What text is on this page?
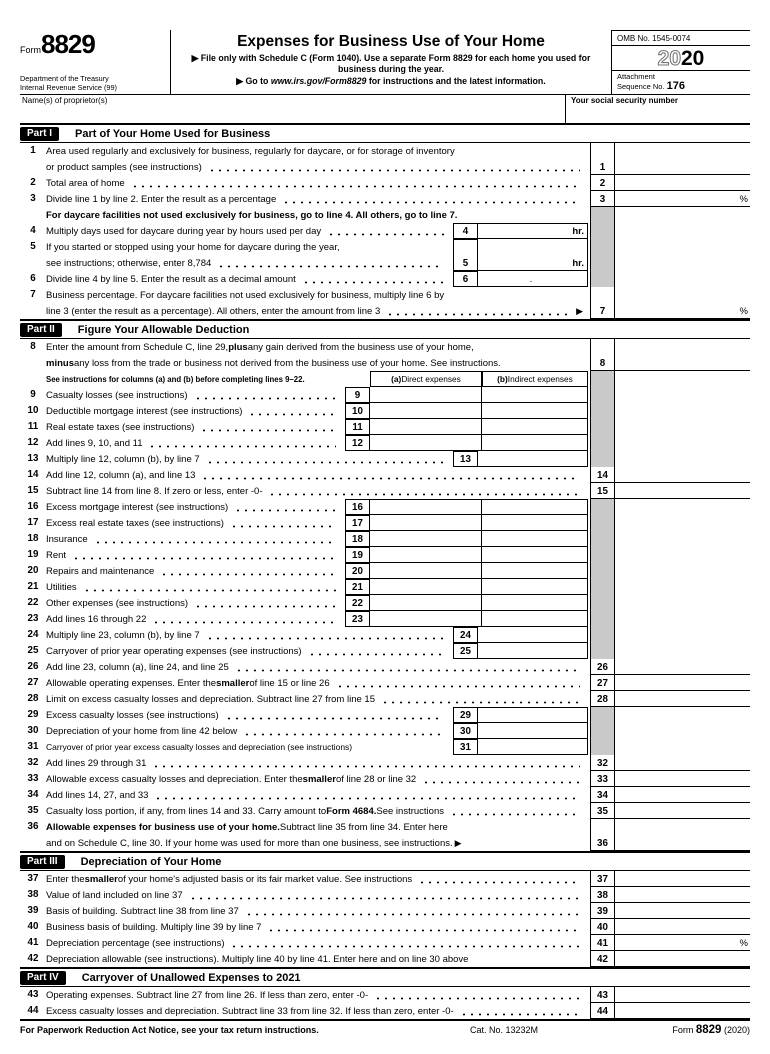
Form8829
Department of the Treasury
Internal Revenue Service (99)
Expenses for Business Use of Your Home
▶ File only with Schedule C (Form 1040). Use a separate Form 8829 for each home you used for business during the year.
▶ Go to www.irs.gov/Form8829 for instructions and the latest information.
OMB No. 1545-0074
2020
Attachment
Sequence No. 176
Name(s) of proprietor(s)	Your social security number
Part I	Part of Your Home Used for Business
1	Area used regularly and exclusively for business, regularly for daycare, or for storage of inventory
or product samples (see instructions)	1
2	Total area of home	2
3	Divide line 1 by line 2. Enter the result as a percentage	3	%
For daycare facilities not used exclusively for business, go to line 4. All others, go to line 7.
4	Multiply days used for daycare during year by hours used per day	4	hr.
5	If you started or stopped using your home for daycare during the year,
see instructions; otherwise, enter 8,784	5	hr.
6	Divide line 4 by line 5. Enter the result as a decimal amount	6	.
7	Business percentage. For daycare facilities not used exclusively for business, multiply line 6 by
line 3 (enter the result as a percentage). All others, enter the amount from line 3	▶	7	%
Part II	Figure Your Allowable Deduction
8	Enter the amount from Schedule C, line 29, plus any gain derived from the business use of your home,
minus any loss from the trade or business not derived from the business use of your home. See instructions.	8
See instructions for columns (a) and (b) before completing lines 9–22.	(a) Direct expenses	(b) Indirect expenses
9	Casualty losses (see instructions)	9
10 Deductible mortgage interest (see instructions)	10
11 Real estate taxes (see instructions)	11
12 Add lines 9, 10, and 11	12
13 Multiply line 12, column (b), by line 7	13
14 Add line 12, column (a), and line 13	14
15 Subtract line 14 from line 8. If zero or less, enter -0-	15
16 Excess mortgage interest (see instructions)	16
17 Excess real estate taxes (see instructions)	17
18 Insurance	18
19 Rent	19
20 Repairs and maintenance	20
21 Utilities	21
22 Other expenses (see instructions)	22
23 Add lines 16 through 22	23
24 Multiply line 23, column (b), by line 7	24
25 Carryover of prior year operating expenses (see instructions)	25
26 Add line 23, column (a), line 24, and line 25	26
27 Allowable operating expenses. Enter the smaller of line 15 or line 26	27
28 Limit on excess casualty losses and depreciation. Subtract line 27 from line 15	28
29 Excess casualty losses (see instructions)	29
30 Depreciation of your home from line 42 below	30
31 Carryover of prior year excess casualty losses and depreciation (see instructions)	31
32 Add lines 29 through 31	32
33 Allowable excess casualty losses and depreciation. Enter the smaller of line 28 or line 32	33
34 Add lines 14, 27, and 33	34
35 Casualty loss portion, if any, from lines 14 and 33. Carry amount to Form 4684. See instructions	35
36 Allowable expenses for business use of your home. Subtract line 35 from line 34. Enter here
and on Schedule C, line 30. If your home was used for more than one business, see instructions. ▶	36
Part III	Depreciation of Your Home
37 Enter the smaller of your home's adjusted basis or its fair market value. See instructions	37
38 Value of land included on line 37	38
39 Basis of building. Subtract line 38 from line 37	39
40 Business basis of building. Multiply line 39 by line 7	40
41 Depreciation percentage (see instructions)	41	%
42 Depreciation allowable (see instructions). Multiply line 40 by line 41. Enter here and on line 30 above	42
Part IV	Carryover of Unallowed Expenses to 2021
43 Operating expenses. Subtract line 27 from line 26. If less than zero, enter -0-	43
44 Excess casualty losses and depreciation. Subtract line 33 from line 32. If less than zero, enter -0-	44
For Paperwork Reduction Act Notice, see your tax return instructions.	Cat. No. 13232M	Form 8829 (2020)
